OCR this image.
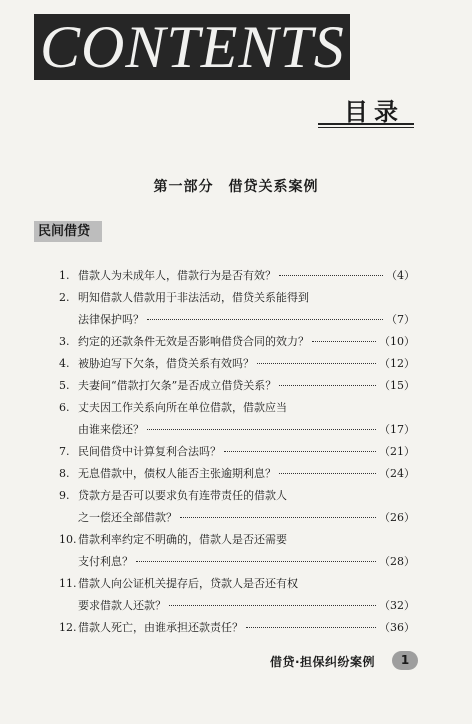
CONTENTS
目录
第一部分　借贷关系案例
民间借贷
1. 借款人为未成年人，借款行为是否有效？	（4）
2. 明知借款人借款用于非法活动，借贷关系能得到
法律保护吗？	（7）
3. 约定的还款条件无效是否影响借贷合同的效力？	（10）
4. 被胁迫写下欠条，借贷关系有效吗？	（12）
5. 夫妻间“借款打欠条”是否成立借贷关系？	（15）
6. 丈夫因工作关系向所在单位借款，借款应当
由谁来偿还？	（17）
7. 民间借贷中计算复利合法吗？	（21）
8. 无息借款中，债权人能否主张逾期利息？	（24）
9. 贷款方是否可以要求负有连带责任的借款人
之一偿还全部借款？	（26）
10. 借款利率约定不明确的，借款人是否还需要
支付利息？	（28）
11. 借款人向公证机关提存后，贷款人是否还有权
要求借款人还款？	（32）
12. 借款人死亡，由谁承担还款责任？	（36）
借贷·担保纠纷案例	1
